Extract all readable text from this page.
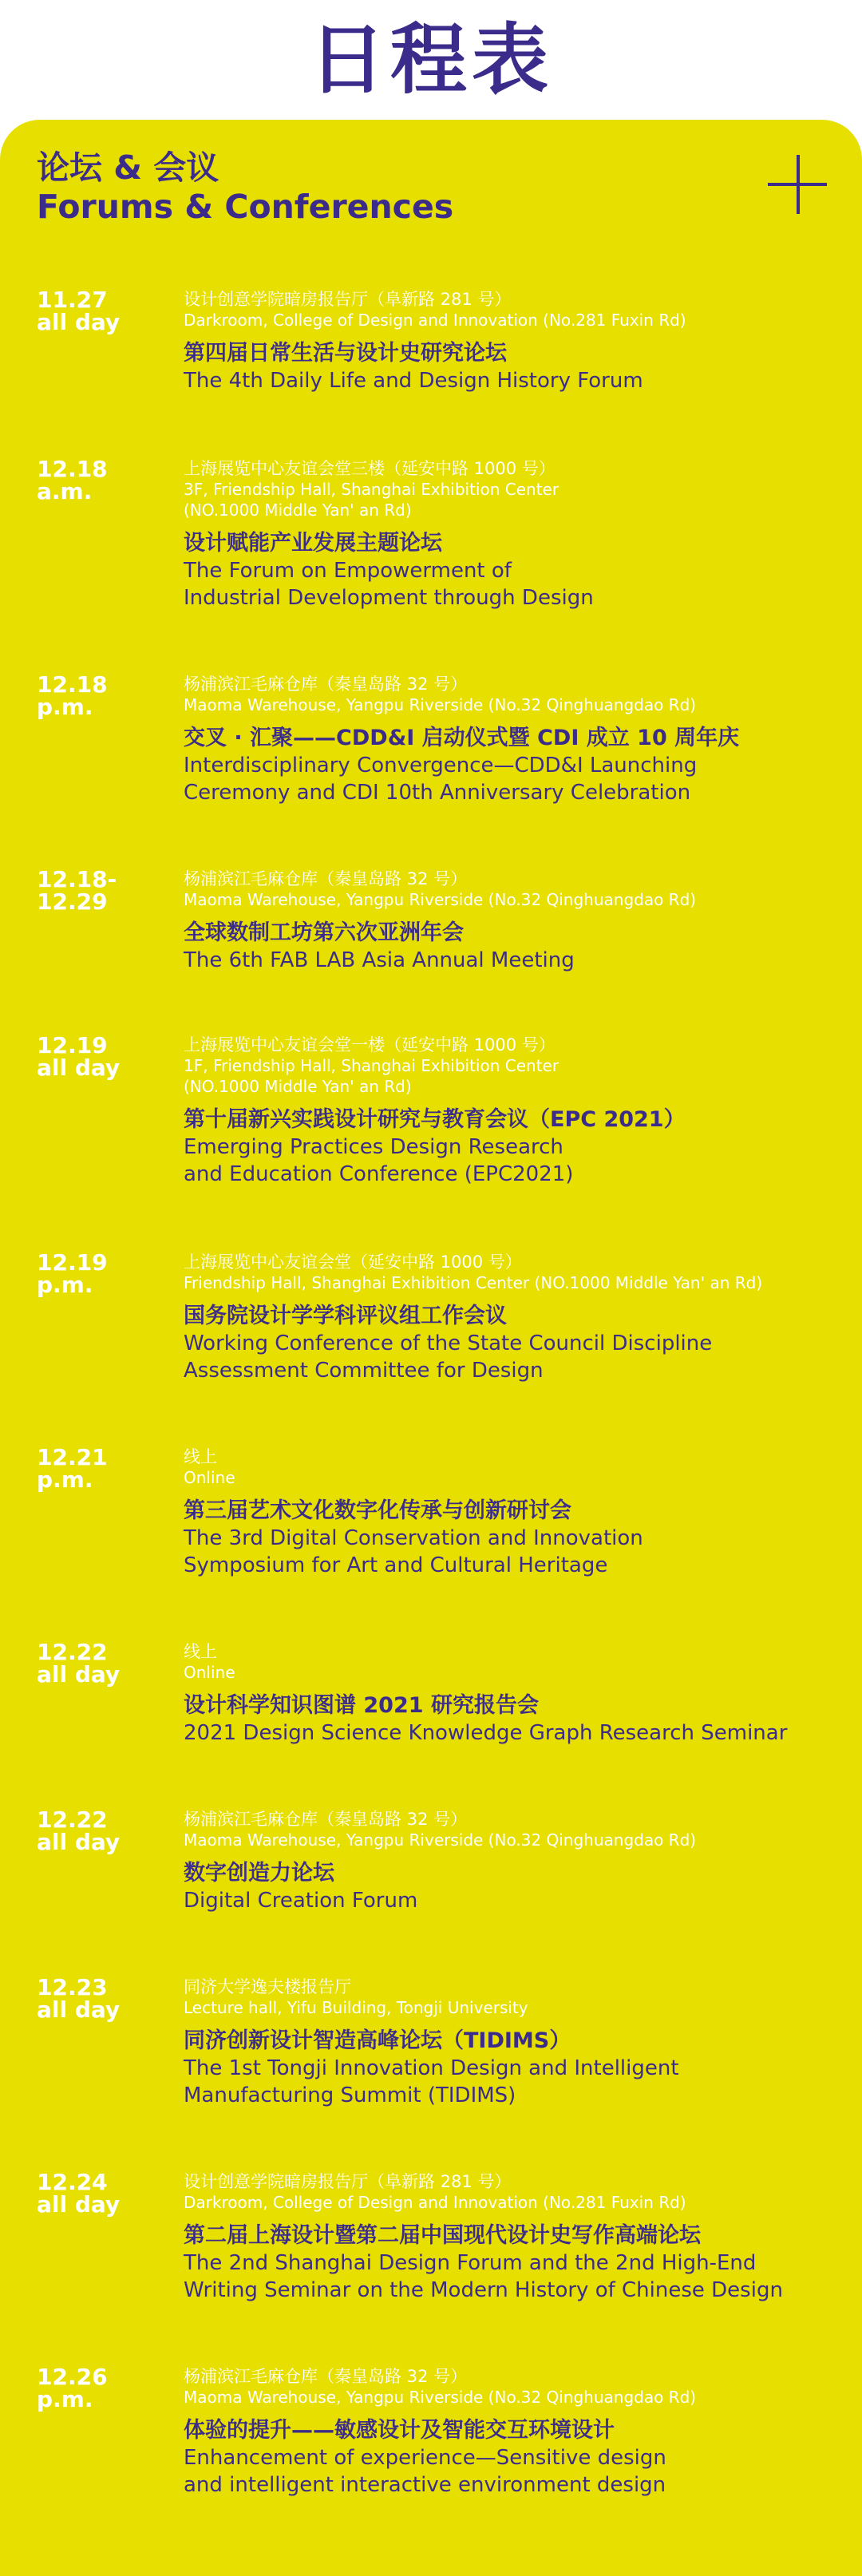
日程表
论坛 & 会议
Forums & Conferences
11.27
all day
设计创意学院暗房报告厅（阜新路 281 号）
Darkroom, College of Design and Innovation (No.281 Fuxin Rd)
第四届日常生活与设计史研究论坛
The 4th Daily Life and Design History Forum
12.18
a.m.
上海展览中心友谊会堂三楼（延安中路 1000 号）
3F, Friendship Hall, Shanghai Exhibition Center
(NO.1000 Middle Yan' an Rd)
设计赋能产业发展主题论坛
The Forum on Empowerment of
Industrial Development through Design
12.18
p.m.
杨浦滨江毛麻仓库（秦皇岛路 32 号）
Maoma Warehouse, Yangpu Riverside (No.32 Qinghuangdao Rd)
交叉 · 汇聚——CDD&I 启动仪式暨 CDI 成立 10 周年庆
Interdisciplinary Convergence—CDD&I Launching
Ceremony and CDI 10th Anniversary Celebration
12.18-
12.29
杨浦滨江毛麻仓库（秦皇岛路 32 号）
Maoma Warehouse, Yangpu Riverside (No.32 Qinghuangdao Rd)
全球数制工坊第六次亚洲年会
The 6th FAB LAB Asia Annual Meeting
12.19
all day
上海展览中心友谊会堂一楼（延安中路 1000 号）
1F, Friendship Hall, Shanghai Exhibition Center
(NO.1000 Middle Yan' an Rd)
第十届新兴实践设计研究与教育会议（EPC 2021）
Emerging Practices Design Research
and Education Conference (EPC2021)
12.19
p.m.
上海展览中心友谊会堂（延安中路 1000 号）
Friendship Hall, Shanghai Exhibition Center (NO.1000 Middle Yan' an Rd)
国务院设计学学科评议组工作会议
Working Conference of the State Council Discipline
Assessment Committee for Design
12.21
p.m.
线上
Online
第三届艺术文化数字化传承与创新研讨会
The 3rd Digital Conservation and Innovation
Symposium for Art and Cultural Heritage
12.22
all day
线上
Online
设计科学知识图谱 2021 研究报告会
2021 Design Science Knowledge Graph Research Seminar
12.22
all day
杨浦滨江毛麻仓库（秦皇岛路 32 号）
Maoma Warehouse, Yangpu Riverside (No.32 Qinghuangdao Rd)
数字创造力论坛
Digital Creation Forum
12.23
all day
同济大学逸夫楼报告厅
Lecture hall, Yifu Building, Tongji University
同济创新设计智造高峰论坛（TIDIMS）
The 1st Tongji Innovation Design and Intelligent
Manufacturing Summit (TIDIMS)
12.24
all day
设计创意学院暗房报告厅（阜新路 281 号）
Darkroom, College of Design and Innovation (No.281 Fuxin Rd)
第二届上海设计暨第二届中国现代设计史写作高端论坛
The 2nd Shanghai Design Forum and the 2nd High-End
Writing Seminar on the Modern History of Chinese Design
12.26
p.m.
杨浦滨江毛麻仓库（秦皇岛路 32 号）
Maoma Warehouse, Yangpu Riverside (No.32 Qinghuangdao Rd)
体验的提升——敏感设计及智能交互环境设计
Enhancement of experience—Sensitive design
and intelligent interactive environment design
